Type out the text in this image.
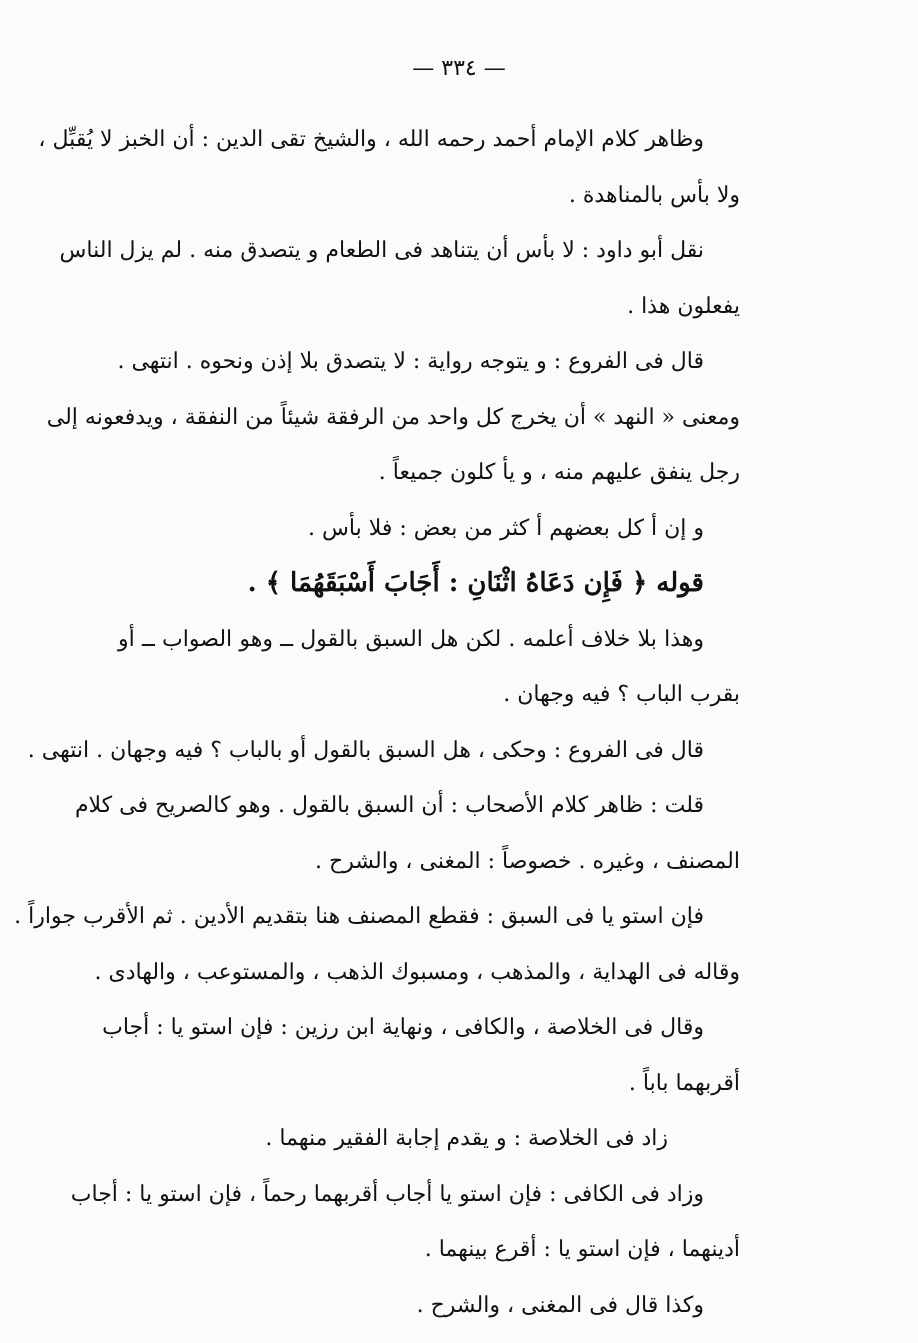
— ٣٣٤ —
وظاهر كلام الإمام أحمد رحمه الله ، والشيخ تقى الدين : أن الخبز لا يُقبِّل ،
ولا بأس بالمناهدة .
نقل أبو داود : لا بأس أن يتناهد فى الطعام و يتصدق منه . لم يزل الناس
يفعلون هذا .
قال فى الفروع : و يتوجه رواية : لا يتصدق بلا إذن ونحوه . انتهى .
ومعنى « النهد » أن يخرج كل واحد من الرفقة شيئاً من النفقة ، ويدفعونه إلى
رجل ينفق عليهم منه ، و يأ كلون جميعاً .
و إن أ كل بعضهم أ كثر من بعض : فلا بأس .
قوله ﴿ فَإِن دَعَاهُ اثْنَانِ : أَجَابَ أَسْبَقَهُمَا ﴾ .
وهذا بلا خلاف أعلمه . لكن هل السبق بالقول ــ وهو الصواب ــ أو
بقرب الباب ؟ فيه وجهان .
قال فى الفروع : وحكى ، هل السبق بالقول أو بالباب ؟ فيه وجهان . انتهى .
قلت : ظاهر كلام الأصحاب : أن السبق بالقول . وهو كالصريح فى كلام
المصنف ، وغيره . خصوصاً : المغنى ، والشرح .
فإن استو يا فى السبق : فقطع المصنف هنا بتقديم الأدين . ثم الأقرب جواراً .
وقاله فى الهداية ، والمذهب ، ومسبوك الذهب ، والمستوعب ، والهادى .
وقال فى الخلاصة ، والكافى ، ونهاية ابن رزين : فإن استو يا : أجاب
أقربهما باباً .
زاد فى الخلاصة : و يقدم إجابة الفقير منهما .
وزاد فى الكافى : فإن استو يا أجاب أقربهما رحماً ، فإن استو يا : أجاب
أدينهما ، فإن استو يا : أقرع بينهما .
وكذا قال فى المغنى ، والشرح .
